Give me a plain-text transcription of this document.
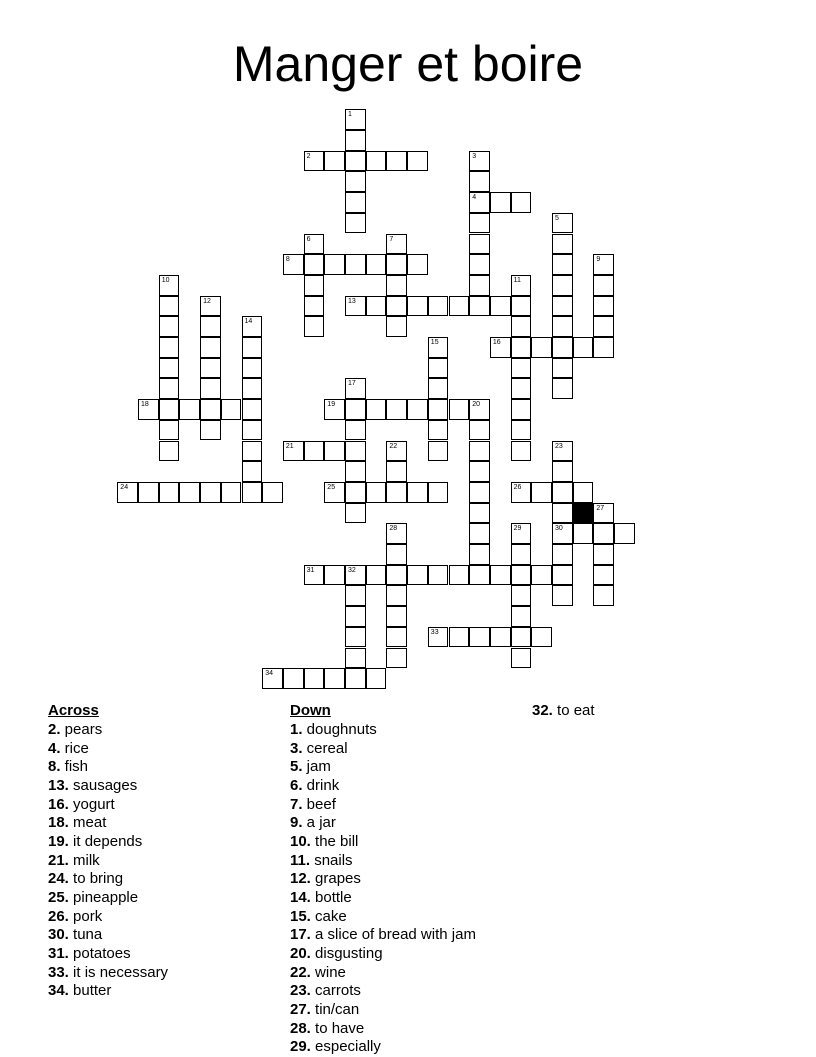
Manger et boire
1
2	3
4
5
6	7
8	9
10	11
12	13
14
15	16
17
18	19	20
21	22	23
30
24	25	26
27
28	29
31	32
33
34
Across
2. pears
4. rice
8. fish
13. sausages
16. yogurt
18. meat
19. it depends
21. milk
24. to bring
25. pineapple
26. pork
30. tuna
31. potatoes
33. it is necessary
34. butter
Down
1. doughnuts
3. cereal
5. jam
6. drink
7. beef
9. a jar
10. the bill
11. snails
12. grapes
14. bottle
15. cake
17. a slice of bread with jam
20. disgusting
22. wine
23. carrots
27. tin/can
28. to have
29. especially
32. to eat
